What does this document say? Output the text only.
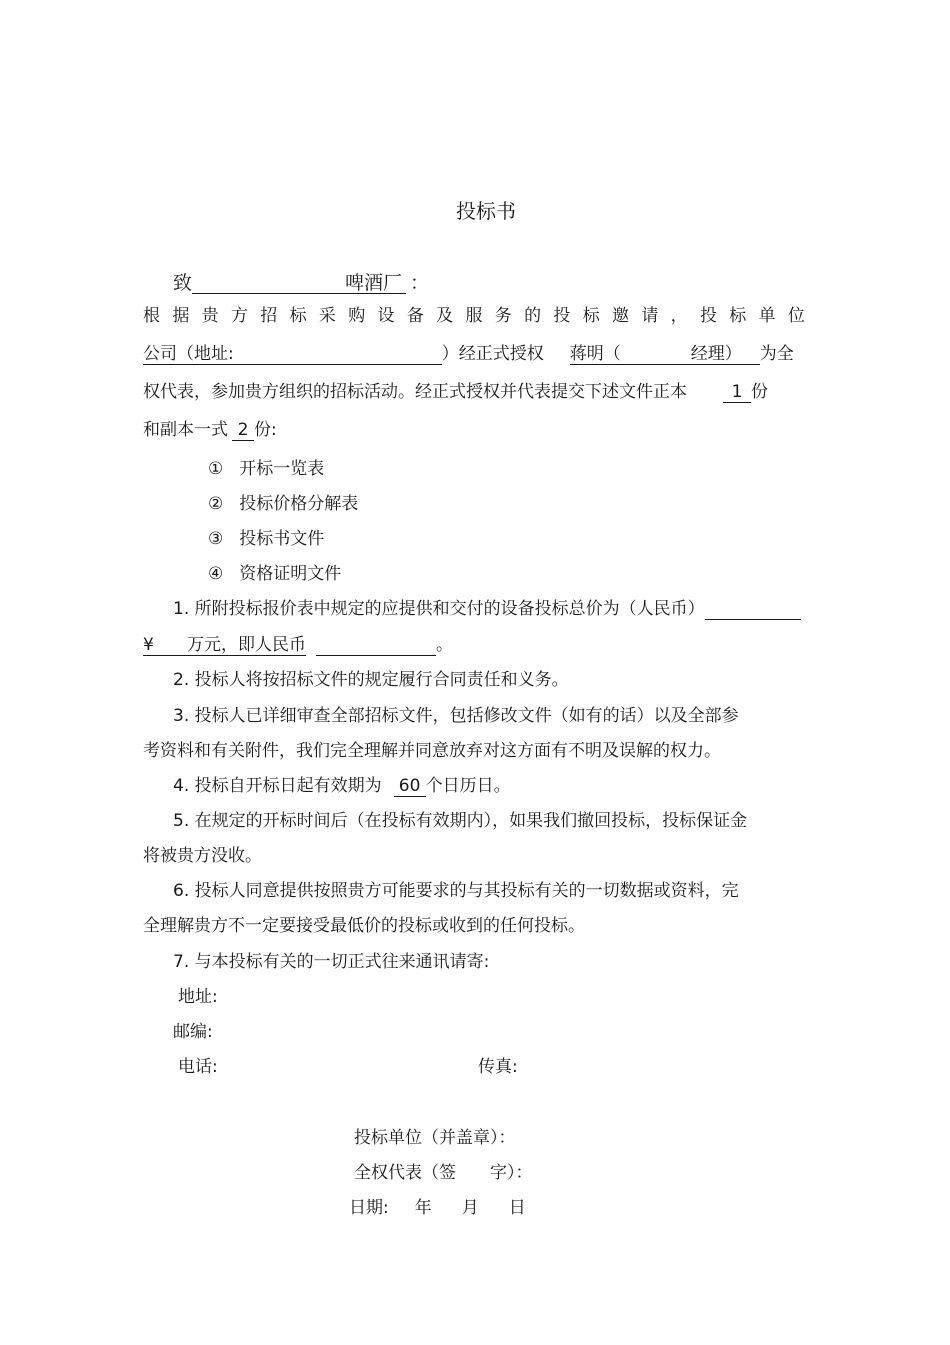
投标书
致	啤酒厂 ：
根 据 贵 方 招 标 采 购 设 备 及 服 务 的 投 标 邀 请 ， 投 标 单 位
公司（地址:	）经正式授权 蒋明（	经理） 为全
权代表，参加贵方组织的招标活动。经正式授权并代表提交下述文件正本	1 份
和副本一式 2 份:
① 开标一览表
② 投标价格分解表
③ 投标书文件
④ 资格证明文件
1. 所附投标报价表中规定的应提供和交付的设备投标总价为（人民币）
¥ 万元，即人民币	。
2. 投标人将按招标文件的规定履行合同责任和义务。
3. 投标人已详细审查全部招标文件，包括修改文件（如有的话）以及全部参
考资料和有关附件，我们完全理解并同意放弃对这方面有不明及误解的权力。
4. 投标自开标日起有效期为 60 个日历日。
5. 在规定的开标时间后（在投标有效期内），如果我们撤回投标，投标保证金
将被贵方没收。
6. 投标人同意提供按照贵方可能要求的与其投标有关的一切数据或资料，完
全理解贵方不一定要接受最低价的投标或收到的任何投标。
7. 与本投标有关的一切正式往来通讯请寄:
地址:
邮编:
电话:	传真:
投标单位（并盖章）：
全权代表（签　　字）：
日期: 年 月 日
